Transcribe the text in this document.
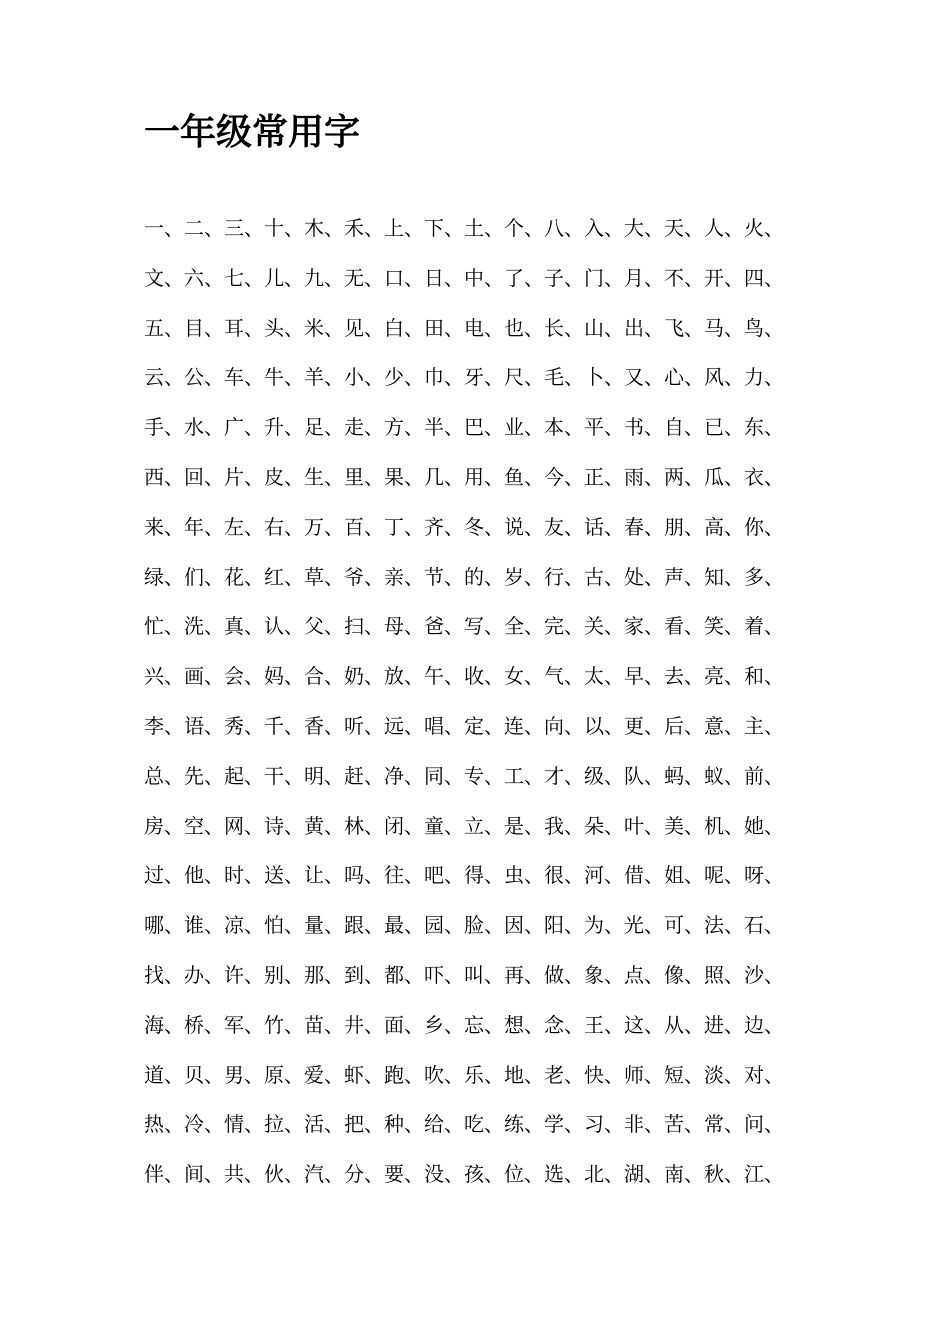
一年级常用字
一、二、三、十、木、禾、上、下、土、个、八、入、大、天、人、火、
文、六、七、儿、九、无、口、日、中、了、子、门、月、不、开、四、
五、目、耳、头、米、见、白、田、电、也、长、山、出、飞、马、鸟、
云、公、车、牛、羊、小、少、巾、牙、尺、毛、卜、又、心、风、力、
手、水、广、升、足、走、方、半、巴、业、本、平、书、自、已、东、
西、回、片、皮、生、里、果、几、用、鱼、今、正、雨、两、瓜、衣、
来、年、左、右、万、百、丁、齐、冬、说、友、话、春、朋、高、你、
绿、们、花、红、草、爷、亲、节、的、岁、行、古、处、声、知、多、
忙、洗、真、认、父、扫、母、爸、写、全、完、关、家、看、笑、着、
兴、画、会、妈、合、奶、放、午、收、女、气、太、早、去、亮、和、
李、语、秀、千、香、听、远、唱、定、连、向、以、更、后、意、主、
总、先、起、干、明、赶、净、同、专、工、才、级、队、蚂、蚁、前、
房、空、网、诗、黄、林、闭、童、立、是、我、朵、叶、美、机、她、
过、他、时、送、让、吗、往、吧、得、虫、很、河、借、姐、呢、呀、
哪、谁、凉、怕、量、跟、最、园、脸、因、阳、为、光、可、法、石、
找、办、许、别、那、到、都、吓、叫、再、做、象、点、像、照、沙、
海、桥、军、竹、苗、井、面、乡、忘、想、念、王、这、从、进、边、
道、贝、男、原、爱、虾、跑、吹、乐、地、老、快、师、短、淡、对、
热、冷、情、拉、活、把、种、给、吃、练、学、习、非、苦、常、问、
伴、间、共、伙、汽、分、要、没、孩、位、选、北、湖、南、秋、江、
